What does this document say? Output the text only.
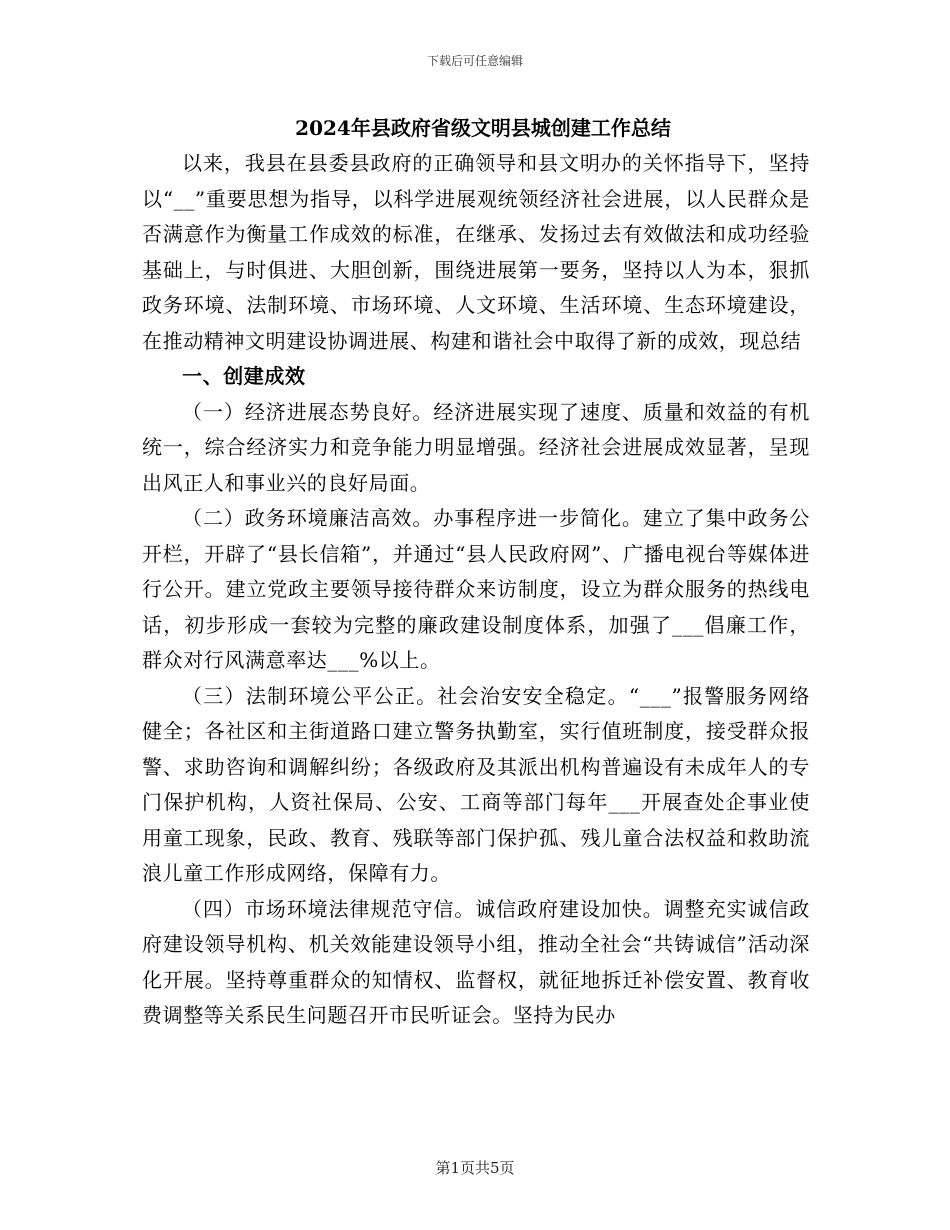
下载后可任意编辑
2024年县政府省级文明县城创建工作总结

以来，我县在县委县政府的正确领导和县文明办的关怀指导下，坚持以“__”重要思想为指导，以科学进展观统领经济社会进展，以人民群众是否满意作为衡量工作成效的标准，在继承、发扬过去有效做法和成功经验基础上，与时俱进、大胆创新，围绕进展第一要务，坚持以人为本，狠抓政务环境、法制环境、市场环境、人文环境、生活环境、生态环境建设，在推动精神文明建设协调进展、构建和谐社会中取得了新的成效，现总结

一、创建成效

（一）经济进展态势良好。经济进展实现了速度、质量和效益的有机统一，综合经济实力和竞争能力明显增强。经济社会进展成效显著，呈现出风正人和事业兴的良好局面。

（二）政务环境廉洁高效。办事程序进一步简化。建立了集中政务公开栏，开辟了“县长信箱”，并通过“县人民政府网”、广播电视台等媒体进行公开。建立党政主要领导接待群众来访制度，设立为群众服务的热线电话，初步形成一套较为完整的廉政建设制度体系，加强了___倡廉工作，群众对行风满意率达___%以上。

（三）法制环境公平公正。社会治安安全稳定。“___”报警服务网络健全；各社区和主街道路口建立警务执勤室，实行值班制度，接受群众报警、求助咨询和调解纠纷；各级政府及其派出机构普遍设有未成年人的专门保护机构，人资社保局、公安、工商等部门每年___开展查处企事业使用童工现象，民政、教育、残联等部门保护孤、残儿童合法权益和救助流浪儿童工作形成网络，保障有力。

（四）市场环境法律规范守信。诚信政府建设加快。调整充实诚信政府建设领导机构、机关效能建设领导小组，推动全社会“共铸诚信”活动深化开展。坚持尊重群众的知情权、监督权，就征地拆迁补偿安置、教育收费调整等关系民生问题召开市民听证会。坚持为民办

第1页共5页
